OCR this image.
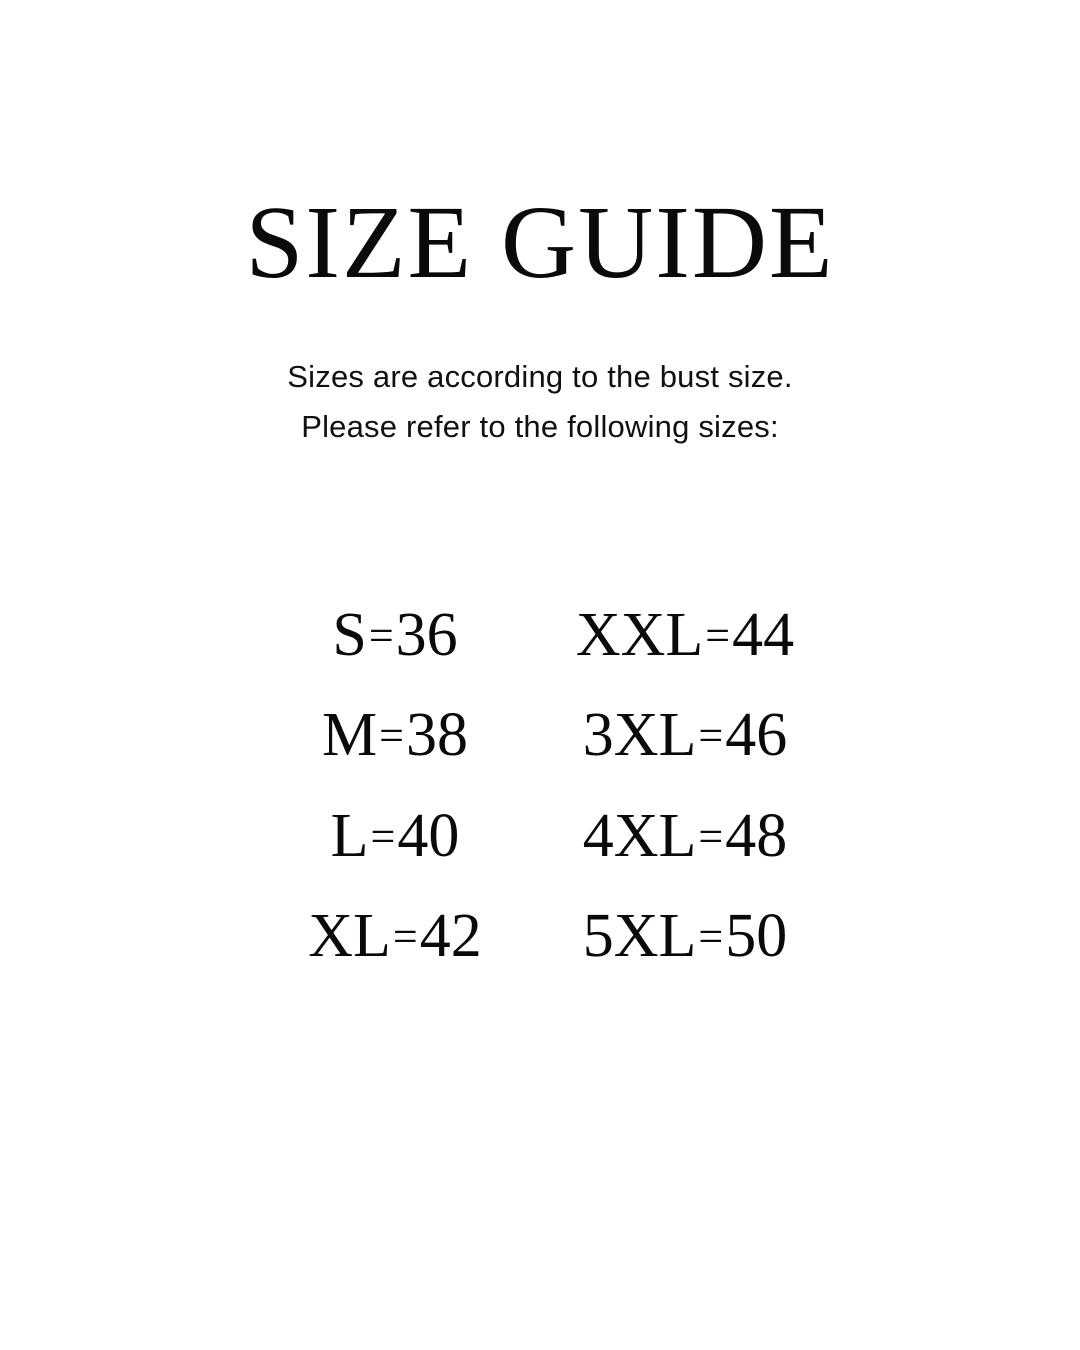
SIZE GUIDE
Sizes are according to the bust size.
Please refer to the following sizes:
S=36
M=38
L=40
XL=42
XXL=44
3XL=46
4XL=48
5XL=50
